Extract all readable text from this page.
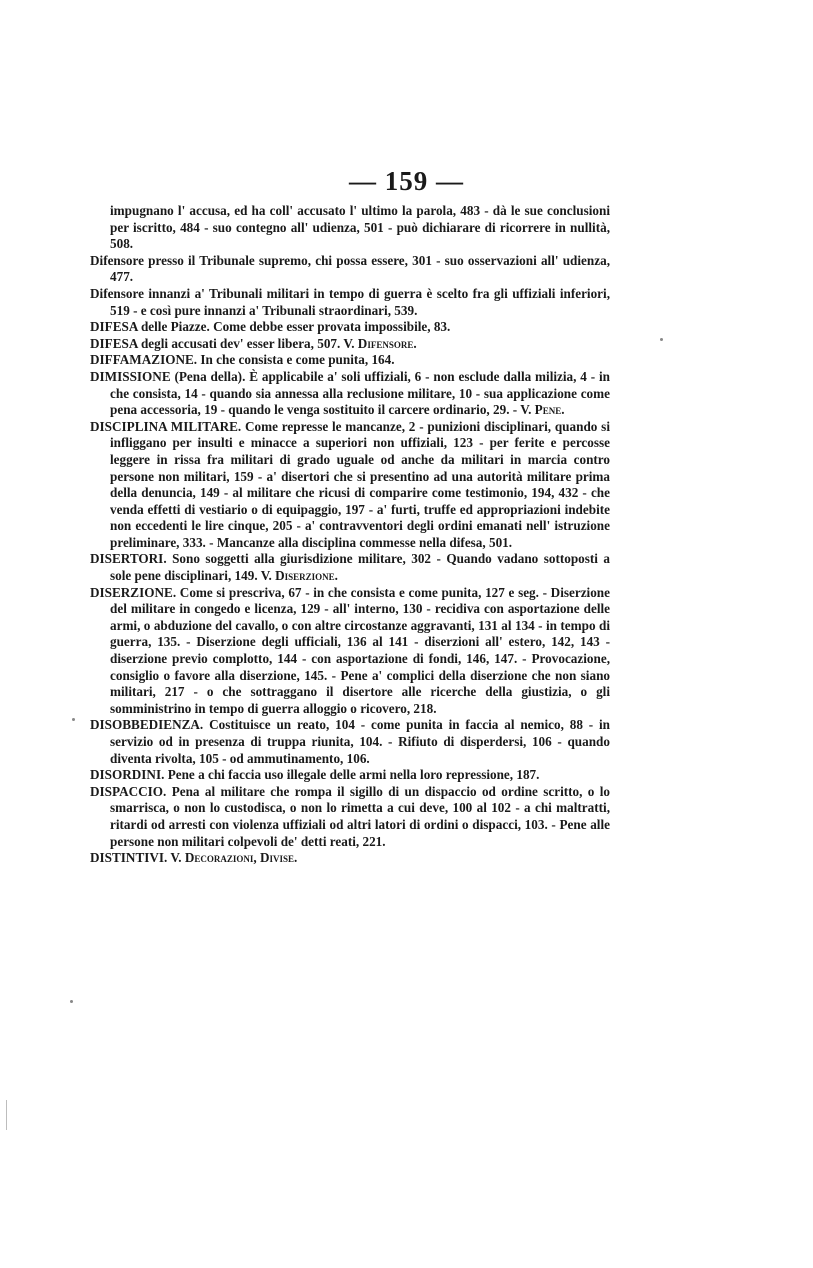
— 159 —

impugnano l' accusa, ed ha coll' accusato l' ultimo la parola, 483 - dà le sue conclusioni per iscritto, 484 - suo contegno all' udienza, 501 - può dichiarare di ricorrere in nullità, 508.

Difensore presso il Tribunale supremo, chi possa essere, 301 - suo osservazioni all' udienza, 477.

Difensore innanzi a' Tribunali militari in tempo di guerra è scelto fra gli uffiziali inferiori, 519 - e così pure innanzi a' Tribunali straordinari, 539.

DIFESA delle Piazze. Come debbe esser provata impossibile, 83.

DIFESA degli accusati dev' esser libera, 507. V. Difensore.

DIFFAMAZIONE. In che consista e come punita, 164.

DIMISSIONE (Pena della). È applicabile a' soli uffiziali, 6 - non esclude dalla milizia, 4 - in che consista, 14 - quando sia annessa alla reclusione militare, 10 - sua applicazione come pena accessoria, 19 - quando le venga sostituito il carcere ordinario, 29. - V. Pene.

DISCIPLINA MILITARE. Come represse le mancanze, 2 - punizioni disciplinari, quando si infliggano per insulti e minacce a superiori non uffiziali, 123 - per ferite e percosse leggere in rissa fra militari di grado uguale od anche da militari in marcia contro persone non militari, 159 - a' disertori che si presentino ad una autorità militare prima della denuncia, 149 - al militare che ricusi di comparire come testimonio, 194, 432 - che venda effetti di vestiario o di equipaggio, 197 - a' furti, truffe ed appropriazioni indebite non eccedenti le lire cinque, 205 - a' contravventori degli ordini emanati nell' istruzione preliminare, 333. - Mancanze alla disciplina commesse nella difesa, 501.

DISERTORI. Sono soggetti alla giurisdizione militare, 302 - Quando vadano sottoposti a sole pene disciplinari, 149. V. Diserzione.

DISERZIONE. Come si prescriva, 67 - in che consista e come punita, 127 e seg. - Diserzione del militare in congedo e licenza, 129 - all' interno, 130 - recidiva con asportazione delle armi, o abduzione del cavallo, o con altre circostanze aggravanti, 131 al 134 - in tempo di guerra, 135. - Diserzione degli ufficiali, 136 al 141 - diserzioni all' estero, 142, 143 - diserzione previo complotto, 144 - con asportazione di fondi, 146, 147. - Provocazione, consiglio o favore alla diserzione, 145. - Pene a' complici della diserzione che non siano militari, 217 - o che sottraggano il disertore alle ricerche della giustizia, o gli somministrino in tempo di guerra alloggio o ricovero, 218.

DISOBBEDIENZA. Costituisce un reato, 104 - come punita in faccia al nemico, 88 - in servizio od in presenza di truppa riunita, 104. - Rifiuto di disperdersi, 106 - quando diventa rivolta, 105 - od ammutinamento, 106.

DISORDINI. Pene a chi faccia uso illegale delle armi nella loro repressione, 187.

DISPACCIO. Pena al militare che rompa il sigillo di un dispaccio od ordine scritto, o lo smarrisca, o non lo custodisca, o non lo rimetta a cui deve, 100 al 102 - a chi maltratti, ritardi od arresti con violenza uffiziali od altri latori di ordini o dispacci, 103. - Pene alle persone non militari colpevoli de' detti reati, 221.

DISTINTIVI. V. Decorazioni, Divise.
